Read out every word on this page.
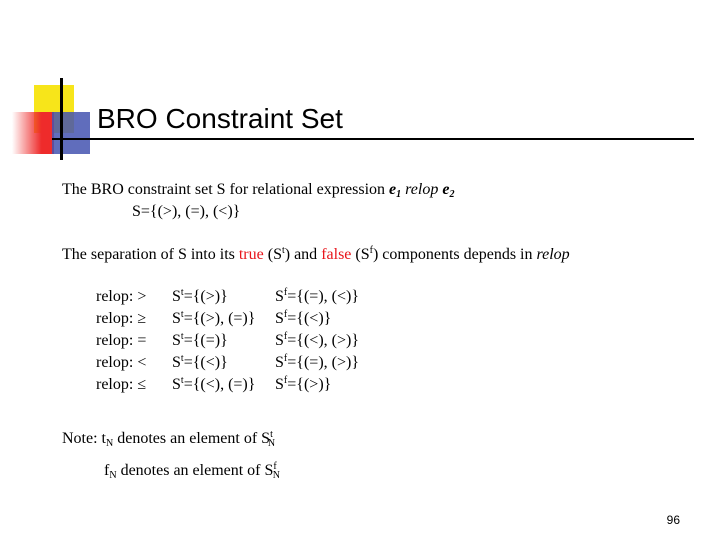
BRO Constraint Set
The BRO constraint set S for relational expression $e_1$ relop $e_2$
S={(>), (=), (<)}
The separation of S into its true $(S^t)$ and false $(S^f)$ components depends in relop
relop: >
relop: ≥
relop: =
relop: <
relop: ≤
$S^t=\{(>)\}$
$S^t=\{(>)$, (=)}
$S^t=\{(=)\}$
$S^t=\{(<)\}$
$S^t=\{(<)$, (=)}
$S^f=\{(=)$, (<)}
$S^f=\{(<)\}$
$S^f=\{(<)$, (>)}
$S^f=\{(=)$, (>)}
$S^f=\{(>)\}$
Note: $t_N$ denotes an element of $S^t_N$
$f_N$ denotes an element of $S^f_N$
96
